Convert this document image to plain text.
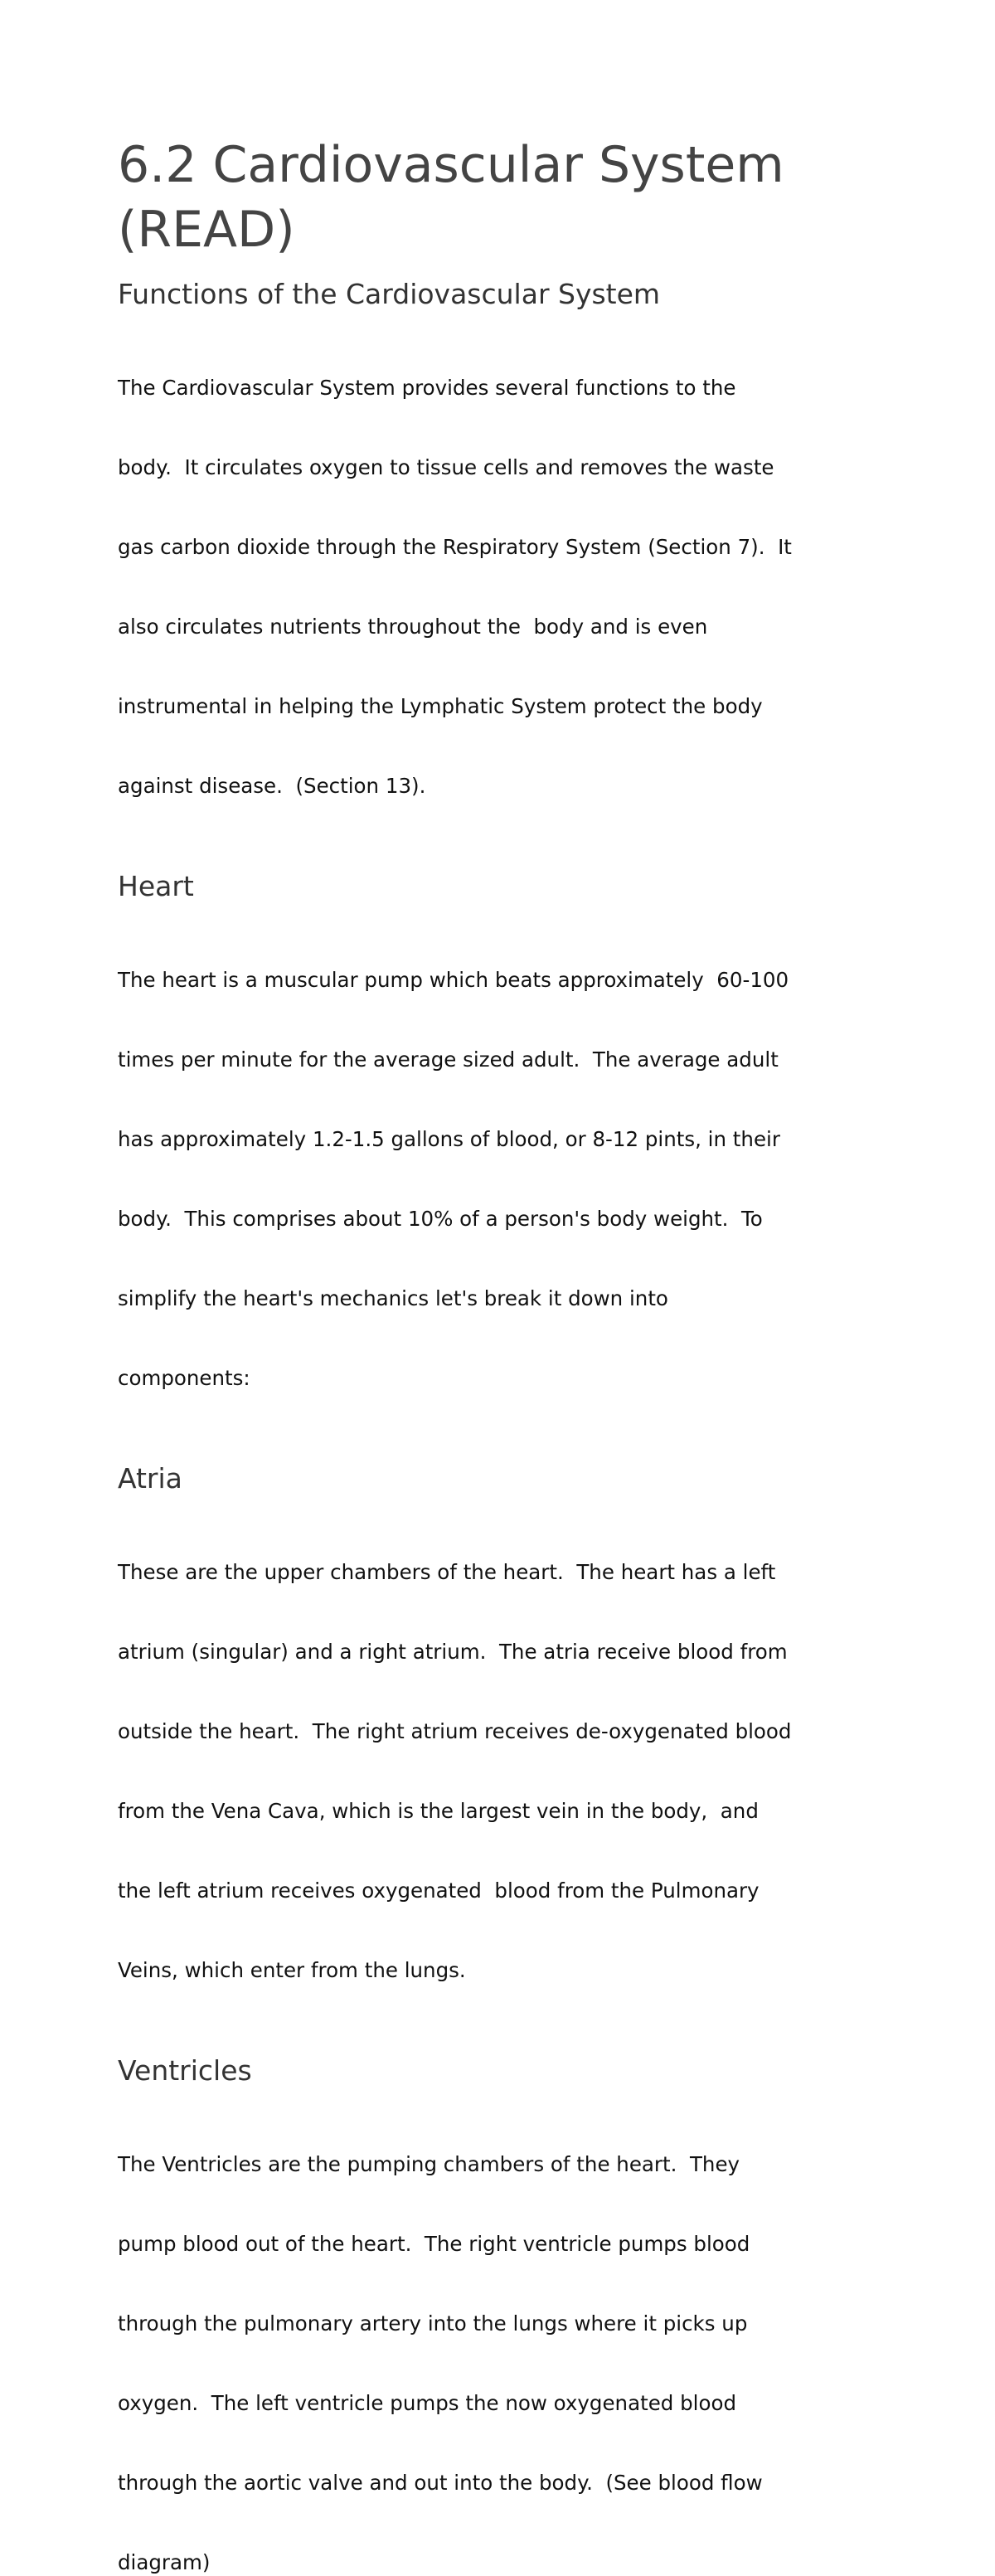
6.2 Cardiovascular System
(READ)
Functions of the Cardiovascular System

The Cardiovascular System provides several functions to the

body.  It circulates oxygen to tissue cells and removes the waste

gas carbon dioxide through the Respiratory System (Section 7).  It

also circulates nutrients throughout the  body and is even

instrumental in helping the Lymphatic System protect the body

against disease.  (Section 13).

Heart

The heart is a muscular pump which beats approximately  60-100

times per minute for the average sized adult.  The average adult

has approximately 1.2-1.5 gallons of blood, or 8-12 pints, in their

body.  This comprises about 10% of a person's body weight.  To

simplify the heart's mechanics let's break it down into

components:

Atria

These are the upper chambers of the heart.  The heart has a left

atrium (singular) and a right atrium.  The atria receive blood from

outside the heart.  The right atrium receives de-oxygenated blood

from the Vena Cava, which is the largest vein in the body,  and

the left atrium receives oxygenated  blood from the Pulmonary

Veins, which enter from the lungs.

Ventricles

The Ventricles are the pumping chambers of the heart.  They

pump blood out of the heart.  The right ventricle pumps blood

through the pulmonary artery into the lungs where it picks up

oxygen.  The left ventricle pumps the now oxygenated blood

through the aortic valve and out into the body.  (See blood flow

diagram)
